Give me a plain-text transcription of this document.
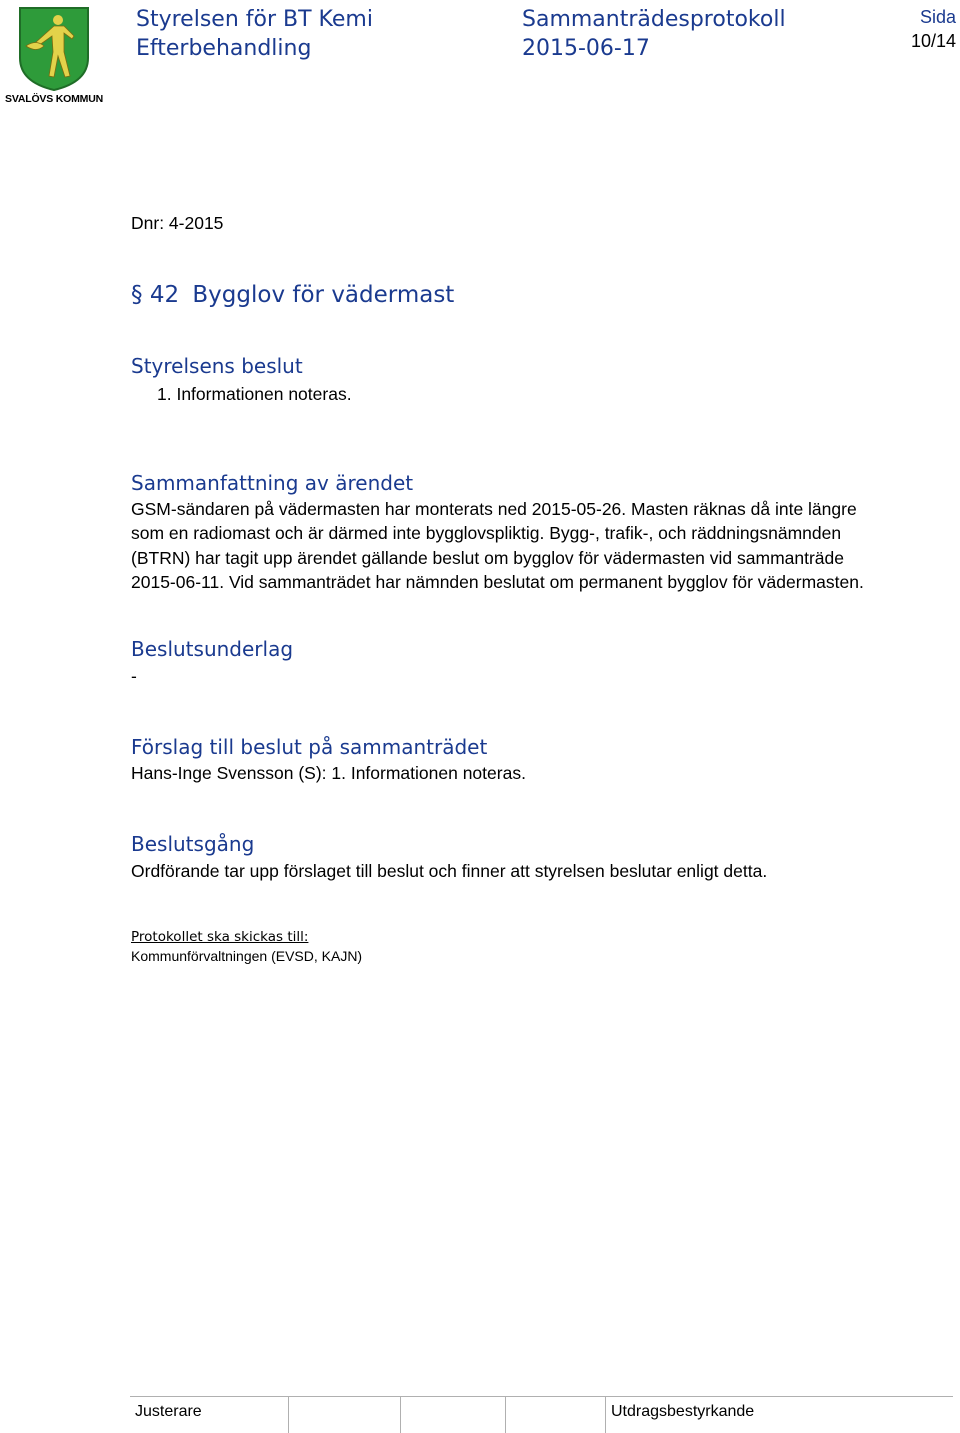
SVALÖVS KOMMUN
Styrelsen för BT Kemi
Efterbehandling
Sammanträdesprotokoll
2015-06-17
Sida
10/14
Dnr: 4-2015
§ 42 Bygglov för vädermast
Styrelsens beslut
1. Informationen noteras.
Sammanfattning av ärendet
GSM-sändaren på vädermasten har monterats ned 2015-05-26. Masten räknas då inte längre
som en radiomast och är därmed inte bygglovspliktig. Bygg-, trafik-, och räddningsnämnden
(BTRN) har tagit upp ärendet gällande beslut om bygglov för vädermasten vid sammanträde
2015-06-11. Vid sammanträdet har nämnden beslutat om permanent bygglov för vädermasten.
Beslutsunderlag
-
Förslag till beslut på sammanträdet
Hans-Inge Svensson (S): 1. Informationen noteras.
Beslutsgång
Ordförande tar upp förslaget till beslut och finner att styrelsen beslutar enligt detta.
Protokollet ska skickas till:
Kommunförvaltningen (EVSD, KAJN)
Justerare	Utdragsbestyrkande
